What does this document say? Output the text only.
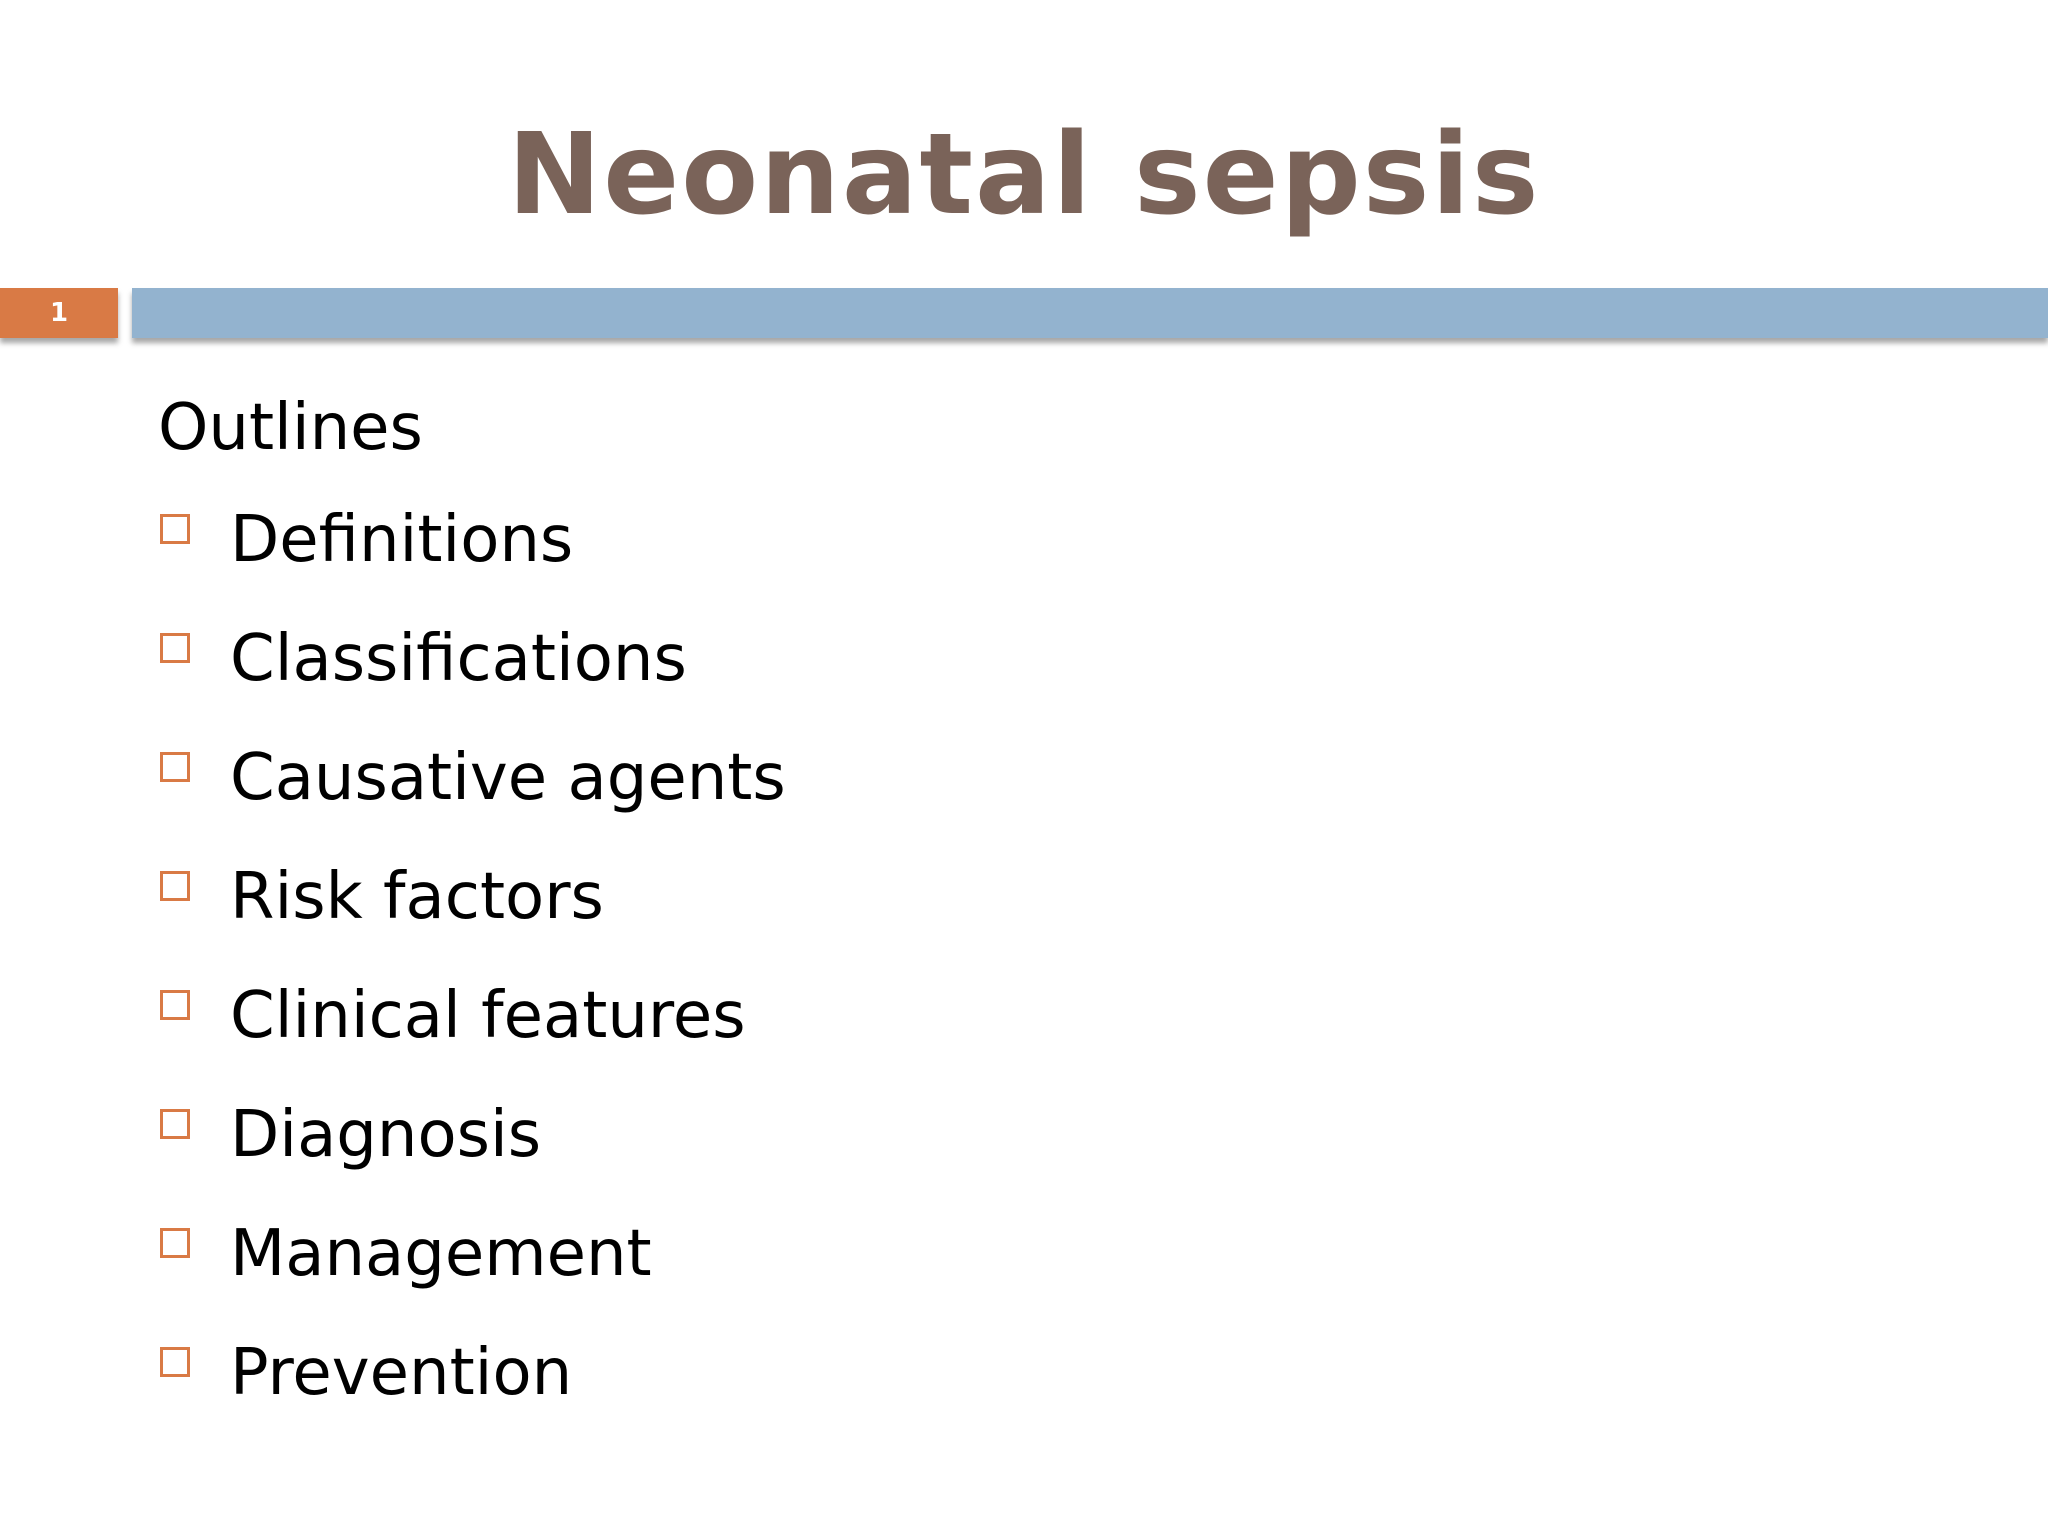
Neonatal sepsis
1
Outlines
Definitions
Classifications
Causative agents
Risk factors
Clinical features
Diagnosis
Management
Prevention
